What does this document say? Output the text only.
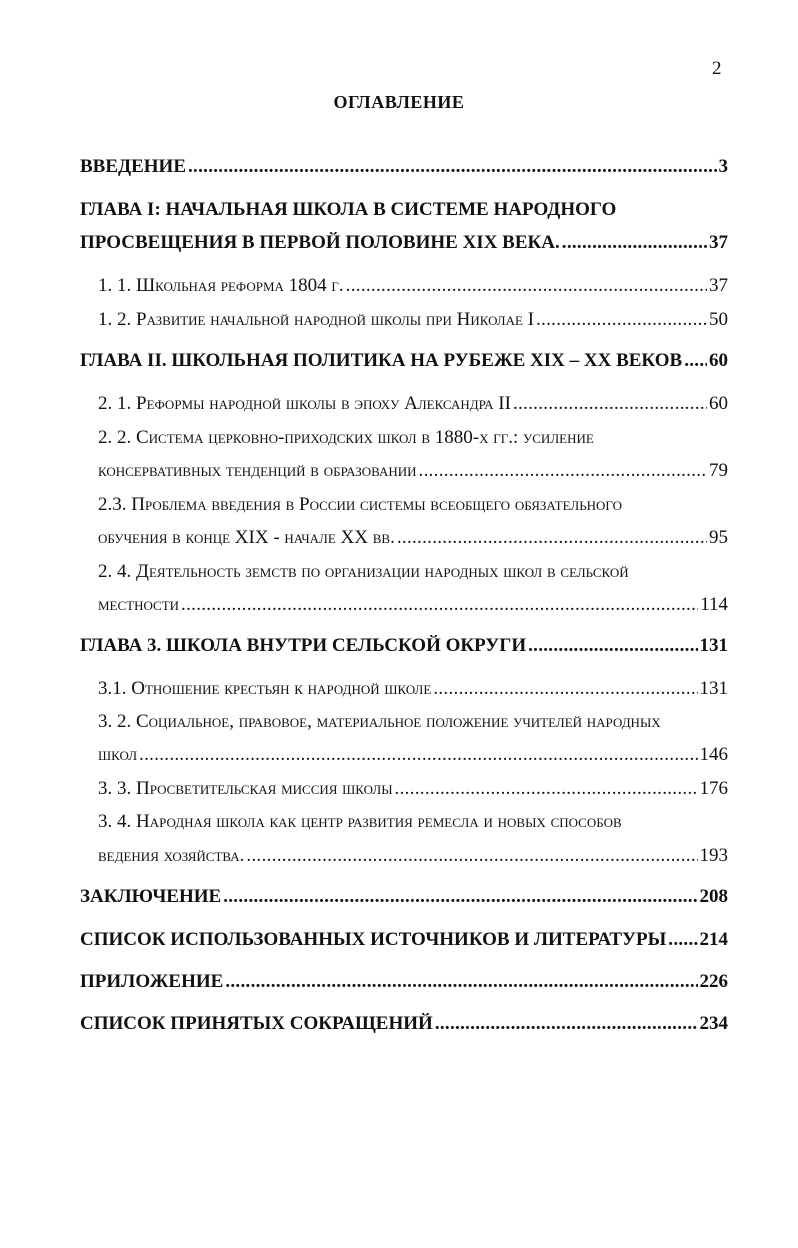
2
ОГЛАВЛЕНИЕ
ВВЕДЕНИЕ .....	3
ГЛАВА I: НАЧАЛЬНАЯ ШКОЛА В СИСТЕМЕ НАРОДНОГО
ПРОСВЕЩЕНИЯ В ПЕРВОЙ ПОЛОВИНЕ XIX ВЕКА. .....	37
1. 1. Школьная реформа 1804 г. .....	37
1. 2. Развитие начальной народной школы при Николае I .....	50
ГЛАВА II. ШКОЛЬНАЯ ПОЛИТИКА НА РУБЕЖЕ XIX – XX ВЕКОВ ..... 60
2. 1. Реформы народной школы в эпоху Александра II .....	60
2. 2. Система церковно-приходских школ в 1880-х гг.: усиление
консервативных тенденций в образовании .....	79
2.3. Проблема введения в России системы всеобщего обязательного
обучения в конце XIX - начале XX вв. .....	95
2. 4. Деятельность земств по организации народных школ в сельской
местности .....	114
ГЛАВА 3. ШКОЛА ВНУТРИ СЕЛЬСКОЙ ОКРУГИ .....	131
3.1. Отношение крестьян к народной школе .....	131
3. 2. Социальное, правовое, материальное положение учителей народных
школ .....	146
3. 3. Просветительская миссия школы .....	176
3. 4. Народная школа как центр развития ремесла и новых способов
ведения хозяйства. .....	193
ЗАКЛЮЧЕНИЕ .....	208
СПИСОК ИСПОЛЬЗОВАННЫХ ИСТОЧНИКОВ И ЛИТЕРАТУРЫ ..... 214
ПРИЛОЖЕНИЕ .....	226
СПИСОК ПРИНЯТЫХ СОКРАЩЕНИЙ .....	234
